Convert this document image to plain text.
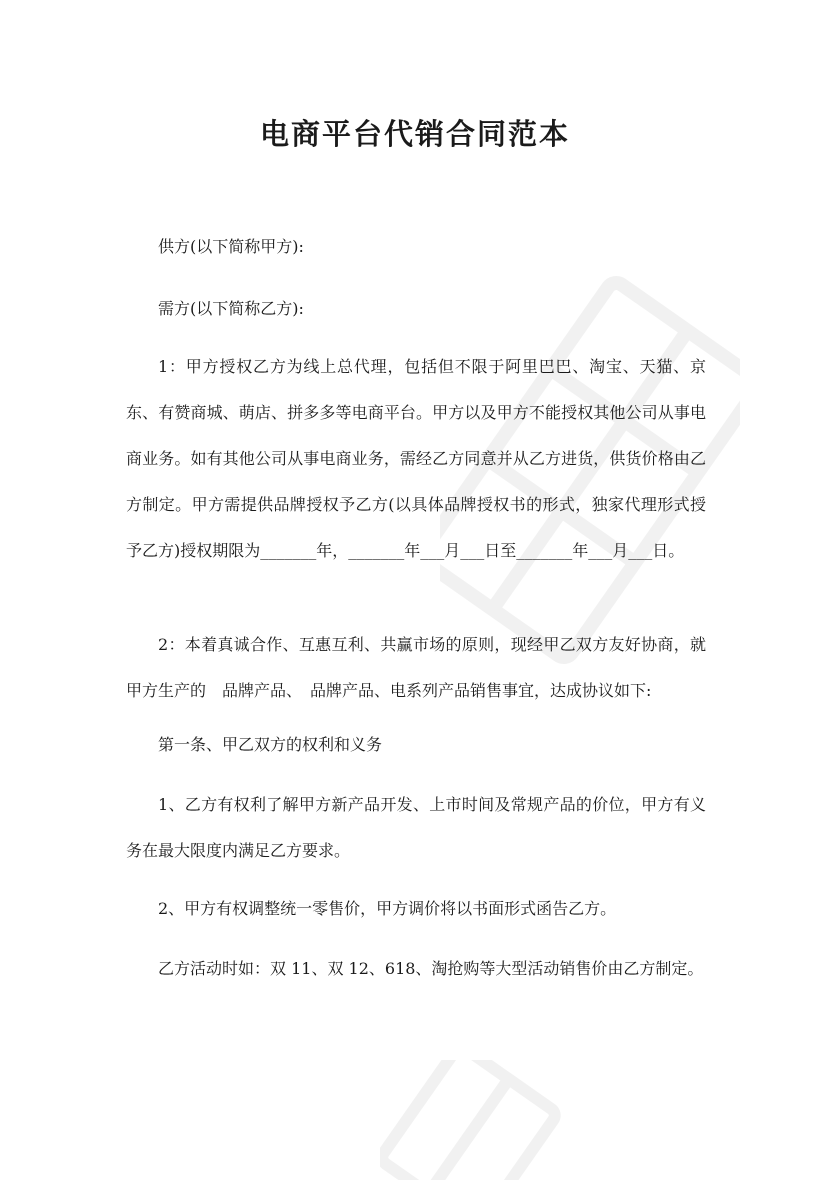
电商平台代销合同范本

供方(以下简称甲方):

需方(以下简称乙方):

1：甲方授权乙方为线上总代理，包括但不限于阿里巴巴、淘宝、天猫、京东、有赞商城、萌店、拼多多等电商平台。甲方以及甲方不能授权其他公司从事电商业务。如有其他公司从事电商业务，需经乙方同意并从乙方进货，供货价格由乙方制定。甲方需提供品牌授权予乙方(以具体品牌授权书的形式，独家代理形式授予乙方)授权期限为_______年，_______年___月___日至_______年___月___日。

2：本着真诚合作、互惠互利、共赢市场的原则，现经甲乙双方友好协商，就甲方生产的　品牌产品、　品牌产品、电系列产品销售事宜，达成协议如下:

第一条、甲乙双方的权利和义务

1、乙方有权利了解甲方新产品开发、上市时间及常规产品的价位，甲方有义务在最大限度内满足乙方要求。

2、甲方有权调整统一零售价，甲方调价将以书面形式函告乙方。

乙方活动时如：双 11、双 12、618、淘抢购等大型活动销售价由乙方制定。
